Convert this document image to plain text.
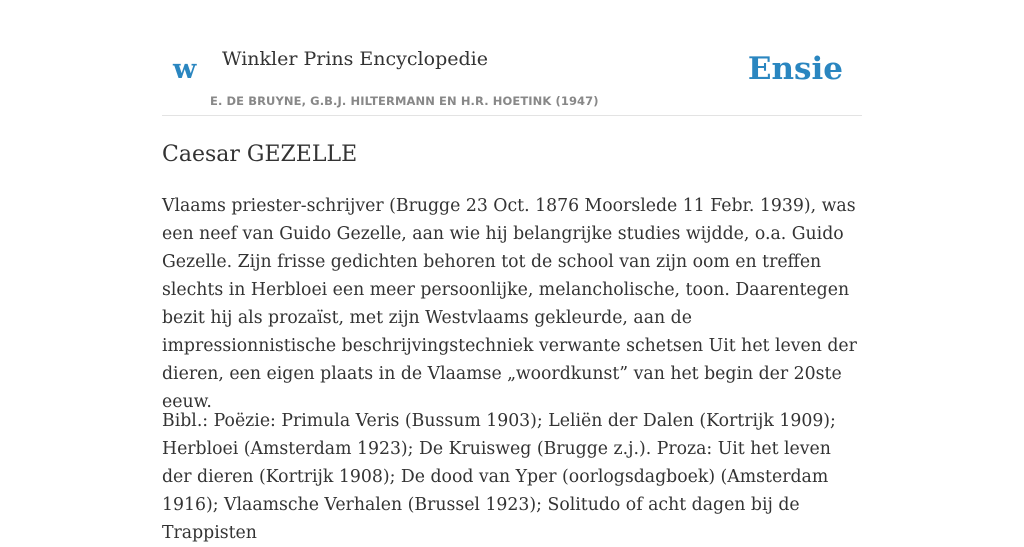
w Winkler Prins Encyclopedie	Ensie
E. DE BRUYNE, G.B.J. HILTERMANN EN H.R. HOETINK (1947)
Caesar GEZELLE

Vlaams priester-schrijver (Brugge 23 Oct. 1876 Moorslede 11 Febr. 1939), was een neef van Guido Gezelle, aan wie hij belangrijke studies wijdde, o.a. Guido Gezelle. Zijn frisse gedichten behoren tot de school van zijn oom en treffen slechts in Herbloei een meer persoonlijke, melancholische, toon. Daarentegen bezit hij als prozaïst, met zijn Westvlaams gekleurde, aan de impressionnistische beschrijvingstechniek verwante schetsen Uit het leven der dieren, een eigen plaats in de Vlaamse „woordkunst” van het begin der 20ste eeuw.

Bibl.: Poëzie: Primula Veris (Bussum 1903); Leliën der Dalen (Kortrijk 1909); Herbloei (Amsterdam 1923); De Kruisweg (Brugge z.j.). Proza: Uit het leven der dieren (Kortrijk 1908); De dood van Yper (oorlogsdagboek) (Amsterdam 1916); Vlaamsche Verhalen (Brussel 1923); Solitudo of acht dagen bij de Trappisten
